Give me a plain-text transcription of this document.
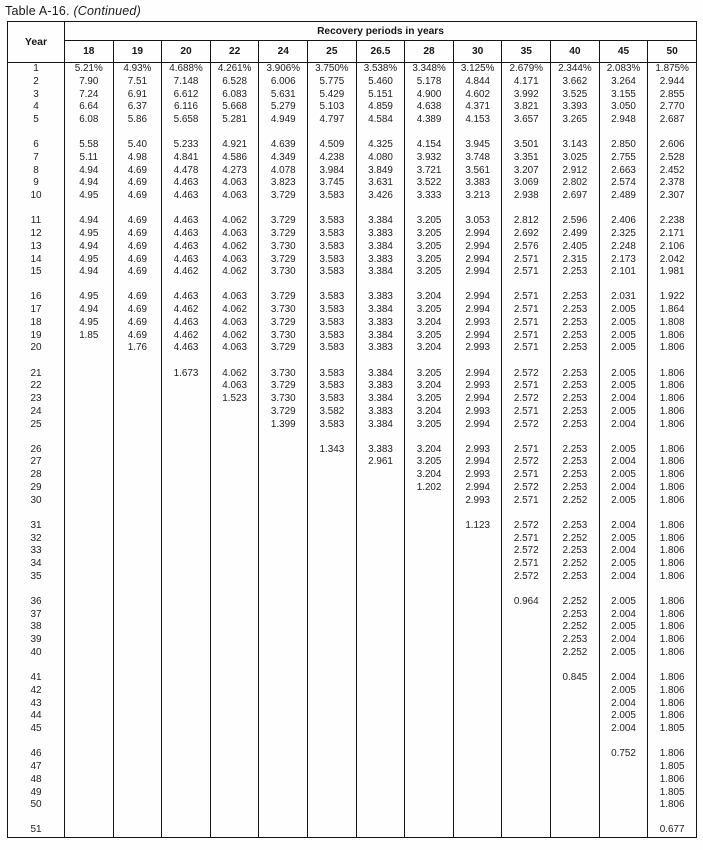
Table A-16. (Continued)
Year	Recovery periods in years												
	18	19	20	22	24	25	26.5	28	30	35	40	45	50
1	5.21%	4.93%	4.688%	4.261%	3.906%	3.750%	3.538%	3.348%	3.125%	2.679%	2.344%	2.083%	1.875%
2	7.90	7.51	7.148	6.528	6.006	5.775	5.460	5.178	4.844	4.171	3.662	3.264	2.944
3	7.24	6.91	6.612	6.083	5.631	5.429	5.151	4.900	4.602	3.992	3.525	3.155	2.855
4	6.64	6.37	6.116	5.668	5.279	5.103	4.859	4.638	4.371	3.821	3.393	3.050	2.770
5	6.08	5.86	5.658	5.281	4.949	4.797	4.584	4.389	4.153	3.657	3.265	2.948	2.687

6	5.58	5.40	5.233	4.921	4.639	4.509	4.325	4.154	3.945	3.501	3.143	2.850	2.606
7	5.11	4.98	4.841	4.586	4.349	4.238	4.080	3.932	3.748	3.351	3.025	2.755	2.528
8	4.94	4.69	4.478	4.273	4.078	3.984	3.849	3.721	3.561	3.207	2.912	2.663	2.452
9	4.94	4.69	4.463	4.063	3.823	3.745	3.631	3.522	3.383	3.069	2.802	2.574	2.378
10	4.95	4.69	4.463	4.063	3.729	3.583	3.426	3.333	3.213	2.938	2.697	2.489	2.307

11	4.94	4.69	4.463	4.062	3.729	3.583	3.384	3.205	3.053	2.812	2.596	2.406	2.238
12	4.95	4.69	4.463	4.063	3.729	3.583	3.383	3.205	2.994	2.692	2.499	2.325	2.171
13	4.94	4.69	4.463	4.062	3.730	3.583	3.384	3.205	2.994	2.576	2.405	2.248	2.106
14	4.95	4.69	4.463	4.063	3.729	3.583	3.383	3.205	2.994	2.571	2.315	2.173	2.042
15	4.94	4.69	4.462	4.062	3.730	3.583	3.384	3.205	2.994	2.571	2.253	2.101	1.981

16	4.95	4.69	4.463	4.063	3.729	3.583	3.383	3.204	2.994	2.571	2.253	2.031	1.922
17	4.94	4.69	4.462	4.062	3.730	3.583	3.384	3.205	2.994	2.571	2.253	2.005	1.864
18	4.95	4.69	4.463	4.063	3.729	3.583	3.383	3.204	2.993	2.571	2.253	2.005	1.808
19	1.85	4.69	4.462	4.062	3.730	3.583	3.384	3.205	2.994	2.571	2.253	2.005	1.806
20		1.76	4.463	4.063	3.729	3.583	3.383	3.204	2.993	2.571	2.253	2.005	1.806

21			1.673	4.062	3.730	3.583	3.384	3.205	2.994	2.572	2.253	2.005	1.806
22				4.063	3.729	3.583	3.383	3.204	2.993	2.571	2.253	2.005	1.806
23				1.523	3.730	3.583	3.384	3.205	2.994	2.572	2.253	2.004	1.806
24					3.729	3.582	3.383	3.204	2.993	2.571	2.253	2.005	1.806
25					1.399	3.583	3.384	3.205	2.994	2.572	2.253	2.004	1.806

26						1.343	3.383	3.204	2.993	2.571	2.253	2.005	1.806
27							2.961	3.205	2.994	2.572	2.253	2.004	1.806
28								3.204	2.993	2.571	2.253	2.005	1.806
29								1.202	2.994	2.572	2.253	2.004	1.806
30									2.993	2.571	2.252	2.005	1.806

31									1.123	2.572	2.253	2.004	1.806
32										2.571	2.252	2.005	1.806
33										2.572	2.253	2.004	1.806
34										2.571	2.252	2.005	1.806
35										2.572	2.253	2.004	1.806

36										0.964	2.252	2.005	1.806
37											2.253	2.004	1.806
38											2.252	2.005	1.806
39											2.253	2.004	1.806
40											2.252	2.005	1.806

41											0.845	2.004	1.806
42												2.005	1.806
43												2.004	1.806
44												2.005	1.806
45												2.004	1.805

46												0.752	1.806
47													1.805
48													1.806
49													1.805
50													1.806

51													0.677
